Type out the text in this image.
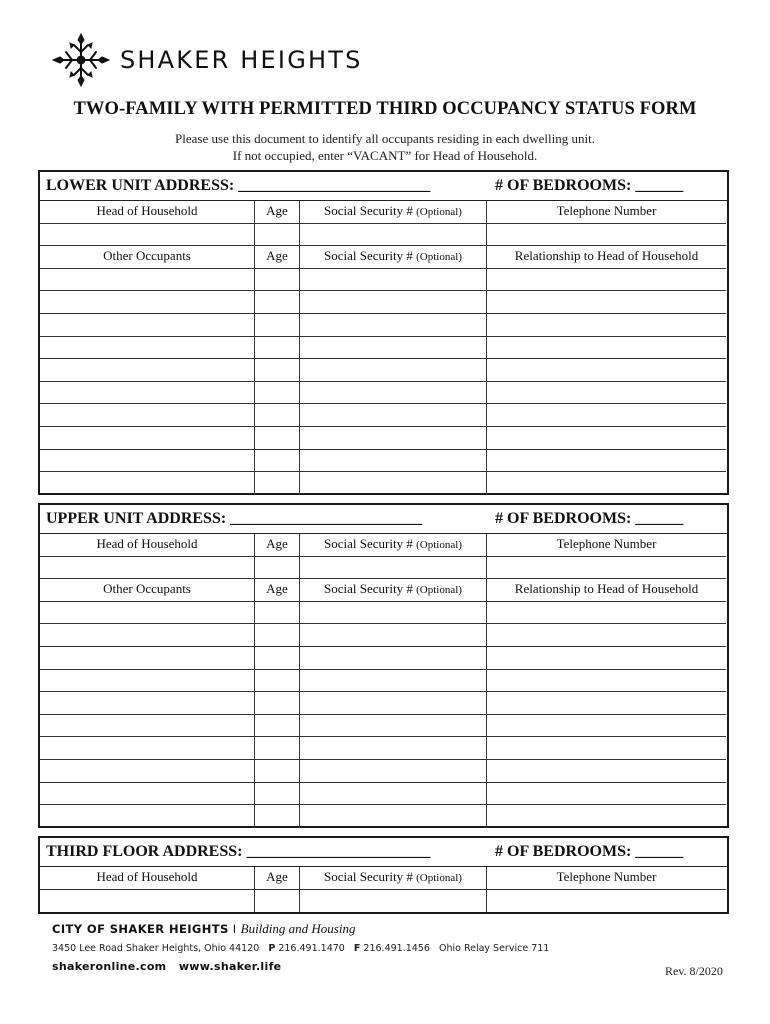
SHAKER HEIGHTS
TWO-FAMILY WITH PERMITTED THIRD OCCUPANCY STATUS FORM
Please use this document to identify all occupants residing in each dwelling unit.
If not occupied, enter “VACANT” for Head of Household.
LOWER UNIT ADDRESS: ________________________	# OF BEDROOMS: ______
Head of Household	Age	Social Security # (Optional)	Telephone Number
Other Occupants	Age	Social Security # (Optional)	Relationship to Head of Household
UPPER UNIT ADDRESS: ________________________	# OF BEDROOMS: ______
Head of Household	Age	Social Security # (Optional)	Telephone Number
Other Occupants	Age	Social Security # (Optional)	Relationship to Head of Household
THIRD FLOOR ADDRESS: _______________________	# OF BEDROOMS: ______
Head of Household	Age	Social Security # (Optional)	Telephone Number
CITY OF SHAKER HEIGHTS I Building and Housing
3450 Lee Road Shaker Heights, Ohio 44120 P 216.491.1470 F 216.491.1456 Ohio Relay Service 711
shakeronline.com www.shaker.life	Rev. 8/2020
